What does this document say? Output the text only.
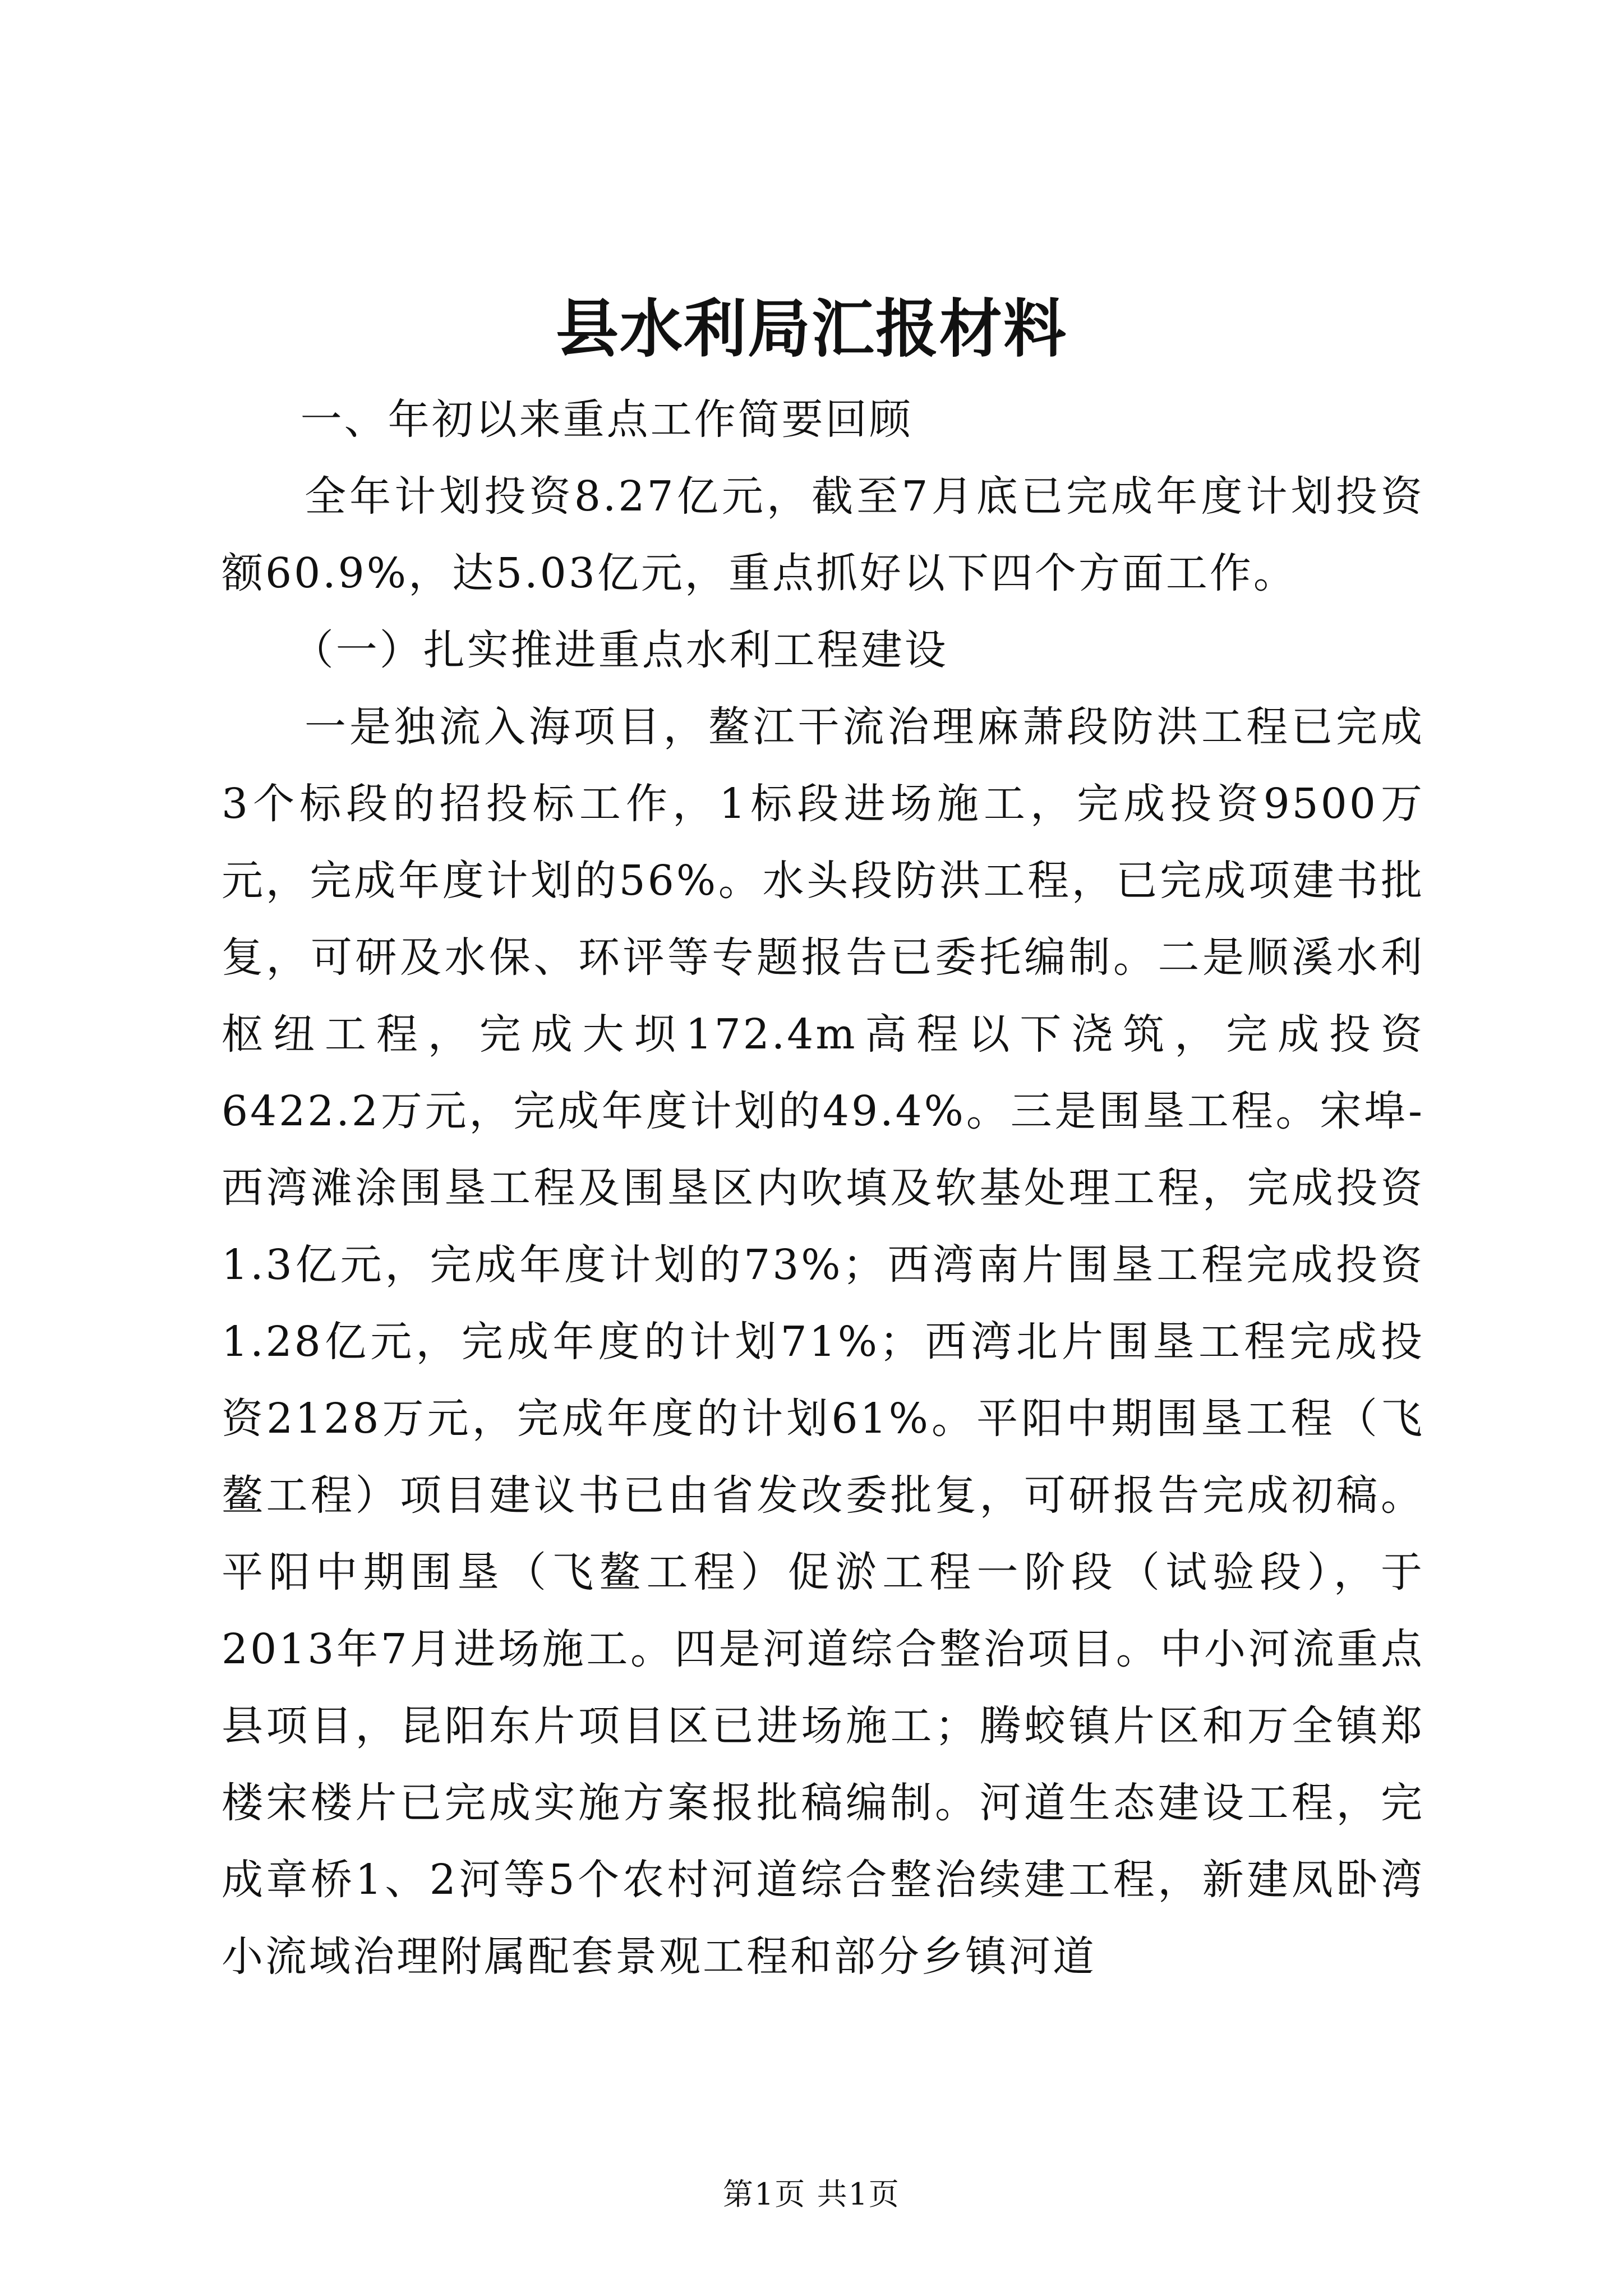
县水利局汇报材料

一、年初以来重点工作简要回顾

全年计划投资8.27亿元，截至7月底已完成年度计划投资额60.9%，达5.03亿元，重点抓好以下四个方面工作。

（一）扎实推进重点水利工程建设

一是独流入海项目，鳌江干流治理麻萧段防洪工程已完成3个标段的招投标工作，1标段进场施工，完成投资9500万元，完成年度计划的56%。水头段防洪工程，已完成项建书批复，可研及水保、环评等专题报告已委托编制。二是顺溪水利枢纽工程，完成大坝172.4m高程以下浇筑，完成投资6422.2万元，完成年度计划的49.4%。三是围垦工程。宋埠-西湾滩涂围垦工程及围垦区内吹填及软基处理工程，完成投资1.3亿元，完成年度计划的73%；西湾南片围垦工程完成投资1.28亿元，完成年度的计划71%；西湾北片围垦工程完成投资2128万元，完成年度的计划61%。平阳中期围垦工程（飞鳌工程）项目建议书已由省发改委批复，可研报告完成初稿。平阳中期围垦（飞鳌工程）促淤工程一阶段（试验段），于2013年7月进场施工。四是河道综合整治项目。中小河流重点县项目，昆阳东片项目区已进场施工；腾蛟镇片区和万全镇郑楼宋楼片已完成实施方案报批稿编制。河道生态建设工程，完成章桥1、2河等5个农村河道综合整治续建工程，新建凤卧湾小流域治理附属配套景观工程和部分乡镇河道

第1页 共1页
